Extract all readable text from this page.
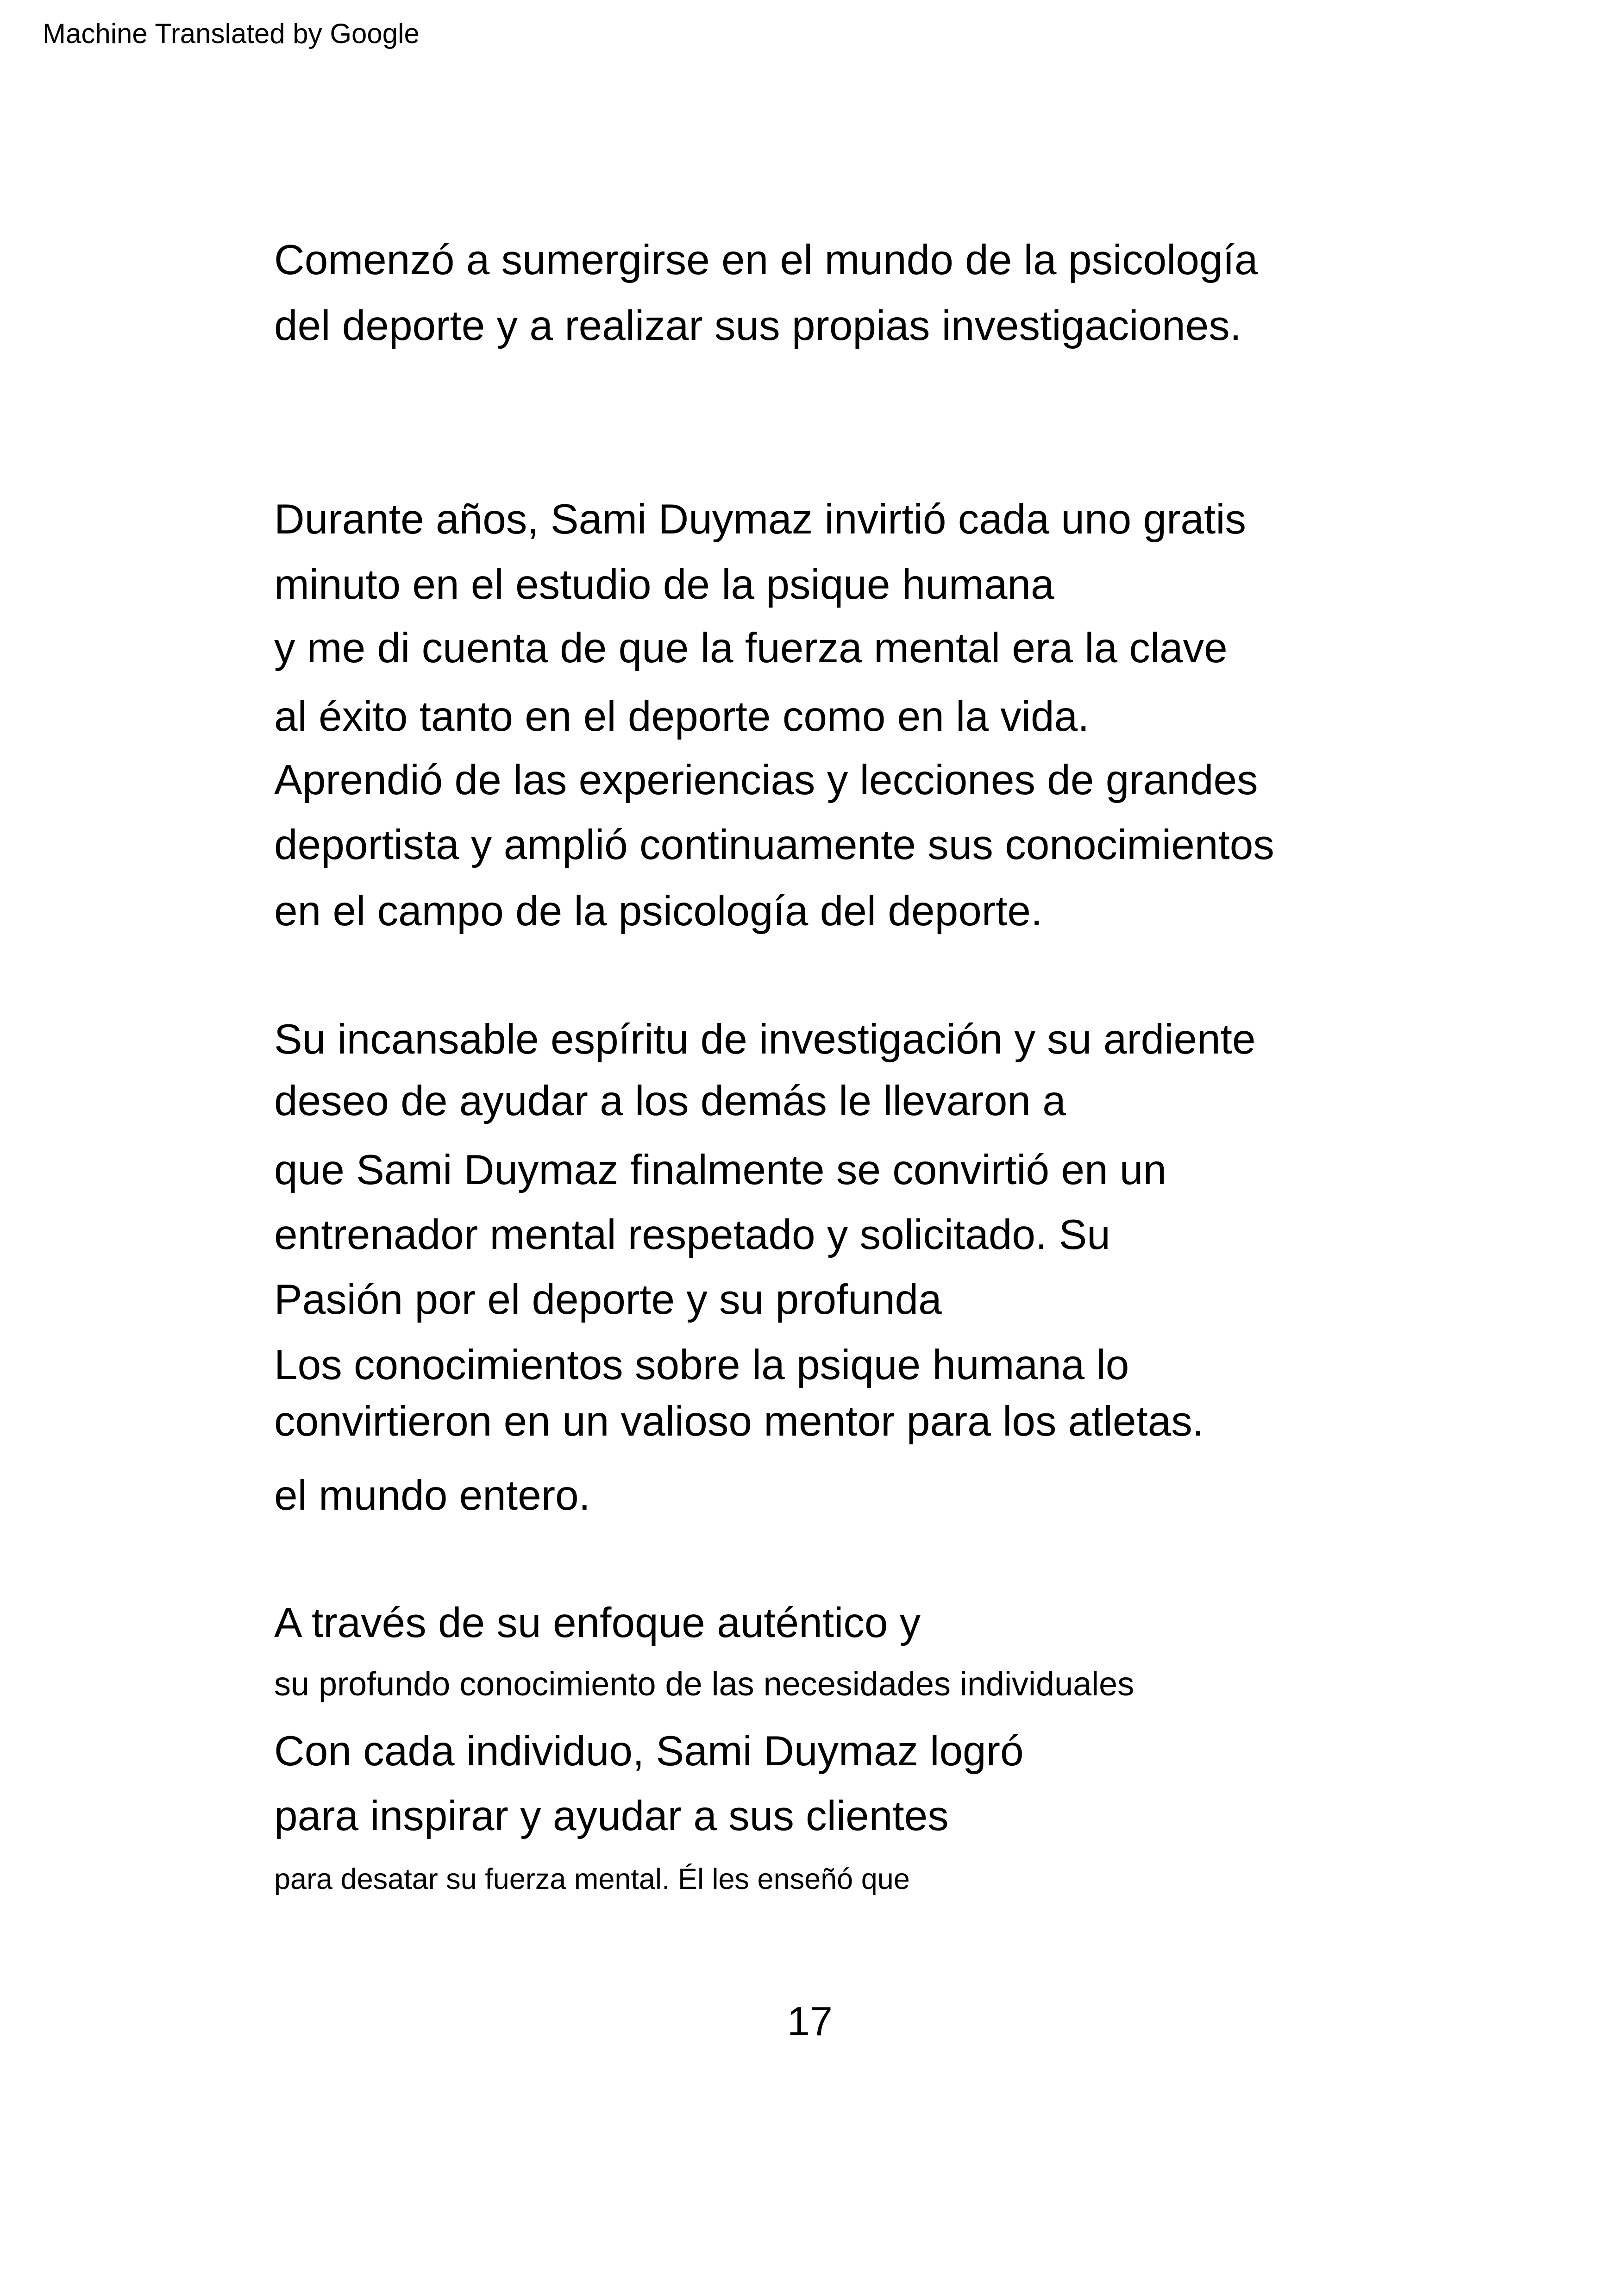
Machine Translated by Google
Comenzó a sumergirse en el mundo de la psicología
del deporte y a realizar sus propias investigaciones.
Durante años, Sami Duymaz invirtió cada uno gratis
minuto en el estudio de la psique humana
y me di cuenta de que la fuerza mental era la clave
al éxito tanto en el deporte como en la vida.
Aprendió de las experiencias y lecciones de grandes
deportista y amplió continuamente sus conocimientos
en el campo de la psicología del deporte.
Su incansable espíritu de investigación y su ardiente
deseo de ayudar a los demás le llevaron a
que Sami Duymaz finalmente se convirtió en un
entrenador mental respetado y solicitado. Su
Pasión por el deporte y su profunda
Los conocimientos sobre la psique humana lo
convirtieron en un valioso mentor para los atletas.
el mundo entero.
A través de su enfoque auténtico y
su profundo conocimiento de las necesidades individuales
Con cada individuo, Sami Duymaz logró
para inspirar y ayudar a sus clientes
para desatar su fuerza mental. Él les enseñó que
17
